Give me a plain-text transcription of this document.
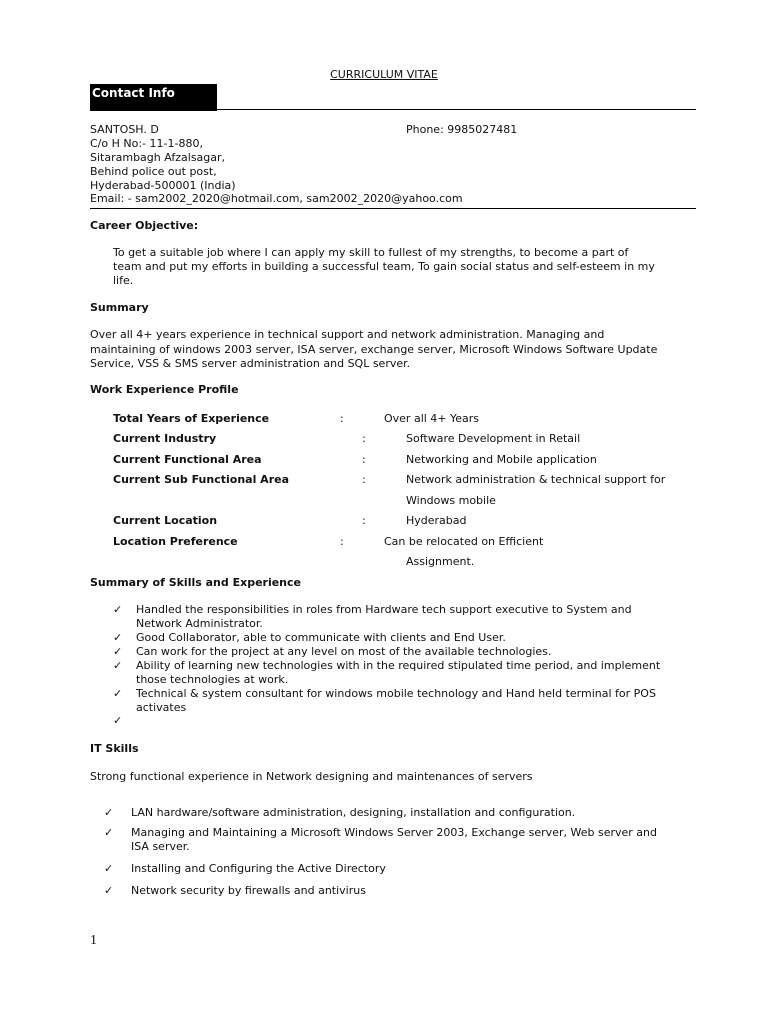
CURRICULUM VITAE
Contact Info
SANTOSH. D	Phone: 9985027481
C/o H No:- 11-1-880,
Sitarambagh Afzalsagar,
Behind police out post,
Hyderabad-500001 (India)
Email: - sam2002_2020@hotmail.com, sam2002_2020@yahoo.com
Career Objective:
To get a suitable job where I can apply my skill to fullest of my strengths, to become a part of
team and put my efforts in building a successful team, To gain social status and self-esteem in my
life.
Summary
Over all 4+ years experience in technical support and network administration. Managing and
maintaining of windows 2003 server, ISA server, exchange server, Microsoft Windows Software Update
Service, VSS & SMS server administration and SQL server.
Work Experience Profile
Total Years of Experience	:	Over all 4+ Years
Current Industry	:	Software Development in Retail
Current Functional Area	:	Networking and Mobile application
Current Sub Functional Area	:	Network administration & technical support for
Windows mobile
Current Location	:	Hyderabad
Location Preference	:	Can be relocated on Efficient
Assignment.
Summary of Skills and Experience
✓ Handled the responsibilities in roles from Hardware tech support executive to System and
Network Administrator.
✓ Good Collaborator, able to communicate with clients and End User.
✓ Can work for the project at any level on most of the available technologies.
✓ Ability of learning new technologies with in the required stipulated time period, and implement
those technologies at work.
✓ Technical & system consultant for windows mobile technology and Hand held terminal for POS
activates
✓
IT Skills
Strong functional experience in Network designing and maintenances of servers
✓ LAN hardware/software administration, designing, installation and configuration.
✓ Managing and Maintaining a Microsoft Windows Server 2003, Exchange server, Web server and
ISA server.
✓ Installing and Configuring the Active Directory
✓ Network security by firewalls and antivirus
1
